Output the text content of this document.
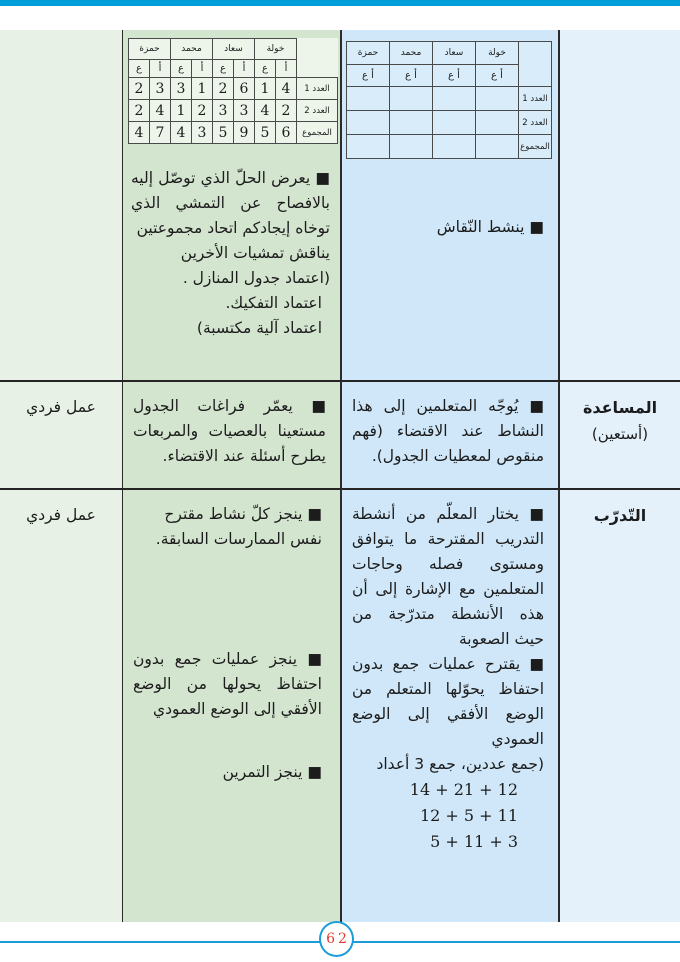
	خولة	سعاد	محمد	حمزة
	أ ع	أ ع	أ ع	أ ع
العدد 1				
العدد 2				
المجموع				
■ ينشط النّقاش
	خولة		سعاد		محمد		حمزة	
	أ	ع	أ	ع	أ	ع	أ	ع
العدد 1	4	1	6	2	1	3	3	2
العدد 2	2	4	3	3	2	1	4	2
المجموع	6	5	9	5	3	4	7	4
■ يعرض الحلّ الذي توصّل إليه بالافصاح عن التمشي الذي توخاه إيجادكم اتحاد مجموعتين
يناقش تمشيات الأخرين
(اعتماد جدول المنازل .
اعتماد التفكيك.
اعتماد آلية مكتسبة)
المساعدة
(أستعين)
■ يُوجّه المتعلمين إلى هذا النشاط عند الاقتضاء (فهم منقوص لمعطيات الجدول).
■ يعمّر فراغات الجدول مستعينا بالعصيات والمربعات يطرح أسئلة عند الاقتضاء.
عمل فردي
التّدرّب
■ يختار المعلّم من أنشطة التدريب المقترحة ما يتوافق ومستوى فصله وحاجات المتعلمين مع الإشارة إلى أن هذه الأنشطة متدرّجة من حيث الصعوبة
■ يقترح عمليات جمع بدون احتفاظ يحوّلها المتعلم من الوضع الأفقي إلى الوضع العمودي
(جمع عددين، جمع 3 أعداد
14 + 21 + 12
12 + 5 + 11
5 + 11 + 3
■ ينجز كلّ نشاط مقترح نفس الممارسات السابقة.
■ ينجز عمليات جمع بدون احتفاظ يحولها من الوضع الأفقي إلى الوضع العمودي
■ ينجز التمرين
عمل فردي
62
